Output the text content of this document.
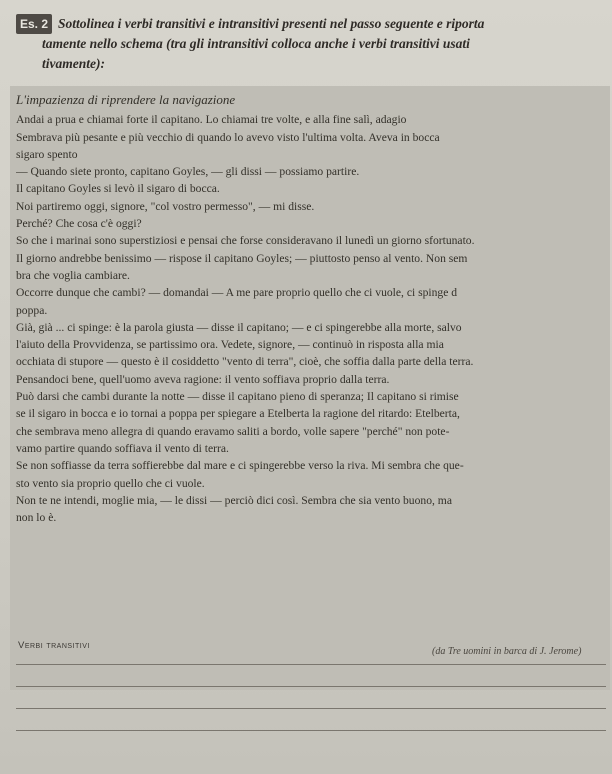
Es. 2 Sottolinea i verbi transitivi e intransitivi presenti nel passo seguente e riporta
tamente nello schema (tra gli intransitivi colloca anche i verbi transitivi usati
tivamente):

L'impazienza di riprendere la navigazione

Andai a prua e chiamai forte il capitano. Lo chiamai tre volte, e alla fine salì, adagio

Sembrava più pesante e più vecchio di quando lo avevo visto l'ultima volta. Aveva in bocca

sigaro spento

— Quando siete pronto, capitano Goyles, — gli dissi — possiamo partire.

Il capitano Goyles si levò il sigaro di bocca.

Noi partiremo oggi, signore, "col vostro permesso", — mi disse.

Perché? Che cosa c'è oggi?

So che i marinai sono superstiziosi e pensai che forse consideravano il lunedì un giorno sfortunato.

Il giorno andrebbe benissimo — rispose il capitano Goyles; — piuttosto penso al vento. Non sem

bra che voglia cambiare.

Occorre dunque che cambi? — domandai — A me pare proprio quello che ci vuole, ci spinge d

poppa.

Già, già ... ci spinge: è la parola giusta — disse il capitano; — e ci spingerebbe alla morte, salvo

l'aiuto della Provvidenza, se partissimo ora. Vedete, signore, — continuò in risposta alla mia

occhiata di stupore — questo è il cosiddetto "vento di terra", cioè, che soffia dalla parte della terra.

Pensandoci bene, quell'uomo aveva ragione: il vento soffiava proprio dalla terra.

Può darsi che cambi durante la notte — disse il capitano pieno di speranza; Il capitano si rimise

se il sigaro in bocca e io tornai a poppa per spiegare a Etelberta la ragione del ritardo: Etelberta,

che sembrava meno allegra di quando eravamo saliti a bordo, volle sapere "perché" non pote-

vamo partire quando soffiava il vento di terra.

Se non soffiasse da terra soffierebbe dal mare e ci spingerebbe verso la riva. Mi sembra che que-

sto vento sia proprio quello che ci vuole.

Non te ne intendi, moglie mia, — le dissi — perciò dici così. Sembra che sia vento buono, ma

non lo è.

(da Tre uomini in barca di J. Jerome)
Verbi transitivi
